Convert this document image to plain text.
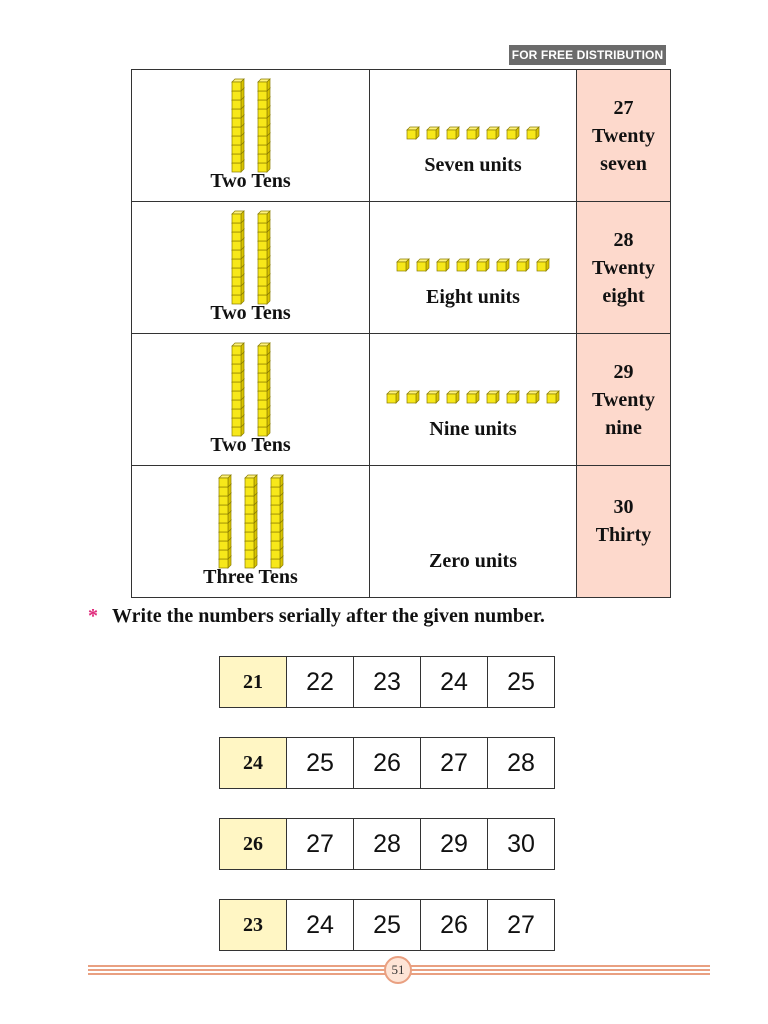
FOR FREE DISTRIBUTION
Two Tens	Seven units	27
Twenty
seven

Two Tens	Eight units	28
Twenty
eight

Two Tens	Nine units	29
Twenty
nine

Three Tens	Zero units	30
Thirty
* Write the numbers serially after the given number.
21	22	23	24	25
24	25	26	27	28
26	27	28	29	30
23	24	25	26	27
51
